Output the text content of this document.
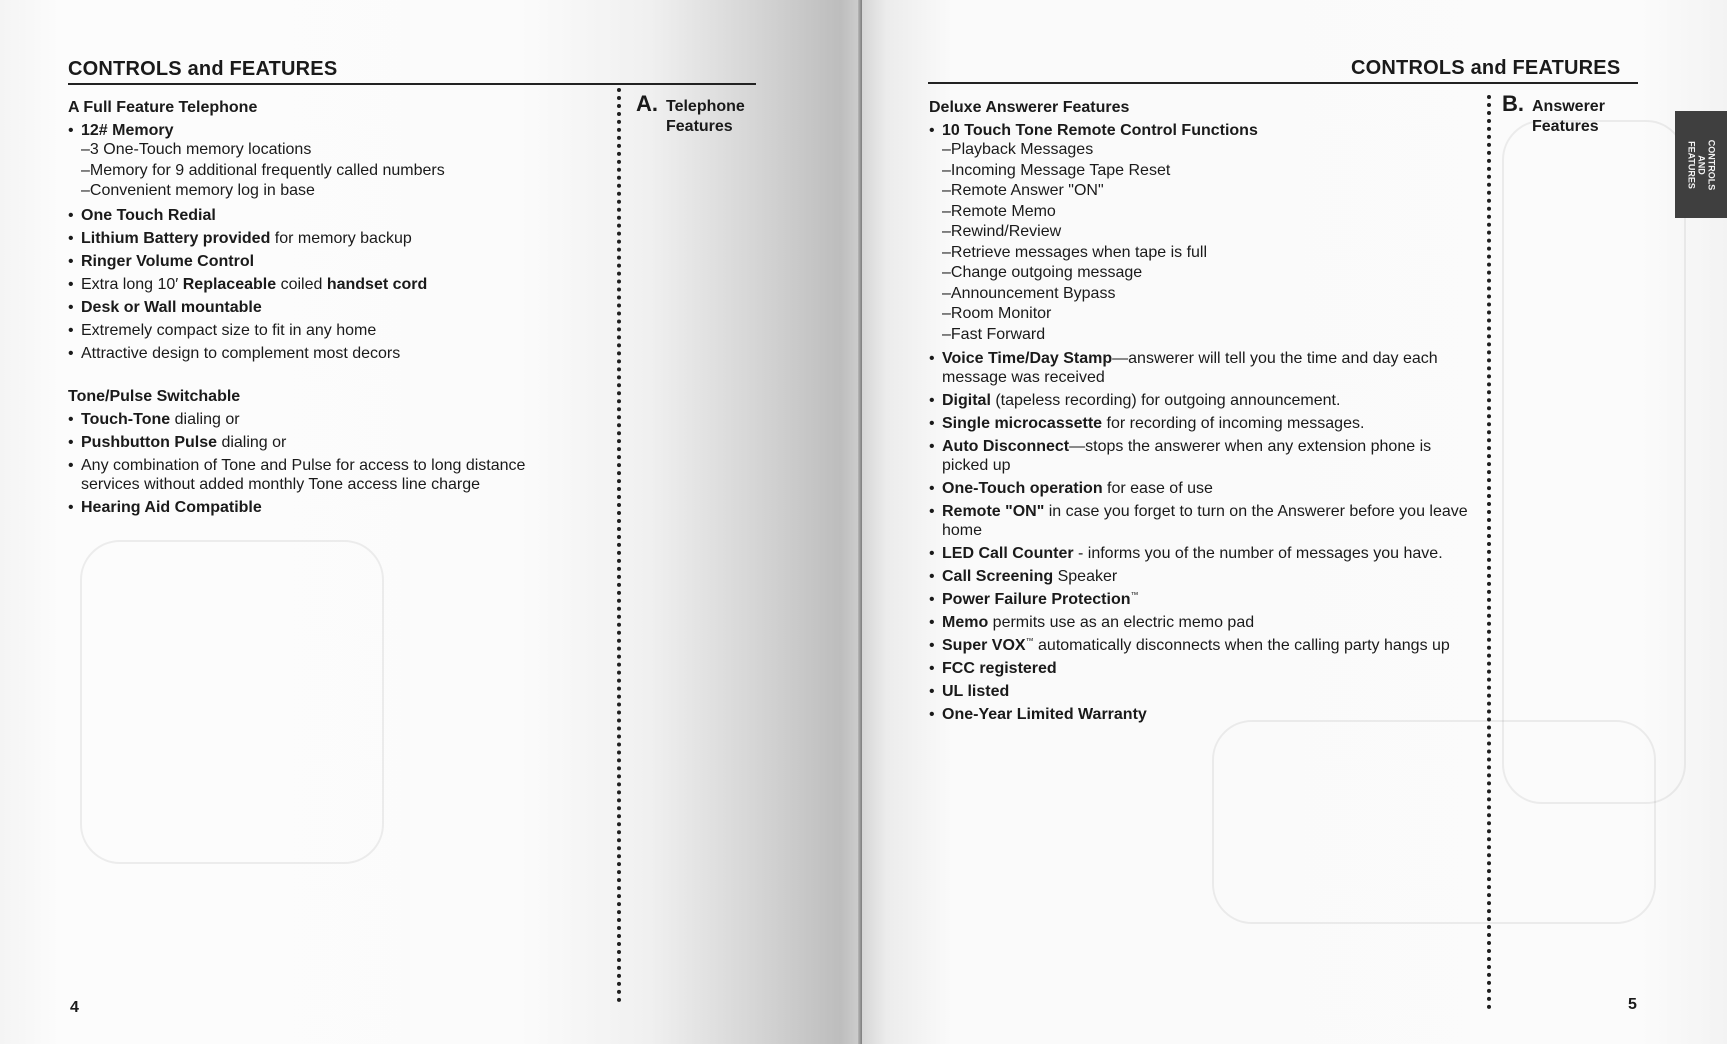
CONTROLS and FEATURES

A Full Feature Telephone

• 12# Memory

–3 One-Touch memory locations

–Memory for 9 additional frequently called numbers

–Convenient memory log in base

• One Touch Redial

• Lithium Battery provided for memory backup

• Ringer Volume Control

• Extra long 10′ Replaceable coiled handset cord

• Desk or Wall mountable

• Extremely compact size to fit in any home

• Attractive design to complement most decors

Tone/Pulse Switchable

• Touch-Tone dialing or

• Pushbutton Pulse dialing or

• Any combination of Tone and Pulse for access to long distance services without added monthly Tone access line charge

• Hearing Aid Compatible

A. Telephone
Features
4
CONTROLS and FEATURES

Deluxe Answerer Features

• 10 Touch Tone Remote Control Functions

–Playback Messages

–Incoming Message Tape Reset

–Remote Answer "ON"

–Remote Memo

–Rewind/Review

–Retrieve messages when tape is full

–Change outgoing message

–Announcement Bypass

–Room Monitor

–Fast Forward

• Voice Time/Day Stamp—answerer will tell you the time and day each message was received

• Digital (tapeless recording) for outgoing announcement.

• Single microcassette for recording of incoming messages.

• Auto Disconnect—stops the answerer when any extension phone is picked up

• One-Touch operation for ease of use

• Remote "ON" in case you forget to turn on the Answerer before you leave home

• LED Call Counter - informs you of the number of messages you have.

• Call Screening Speaker

• Power Failure Protection™

• Memo permits use as an electric memo pad

• Super VOX™ automatically disconnects when the calling party hangs up

• FCC registered

• UL listed

• One-Year Limited Warranty

B. Answerer
Features
CONTROLS
AND
FEATURES
5
